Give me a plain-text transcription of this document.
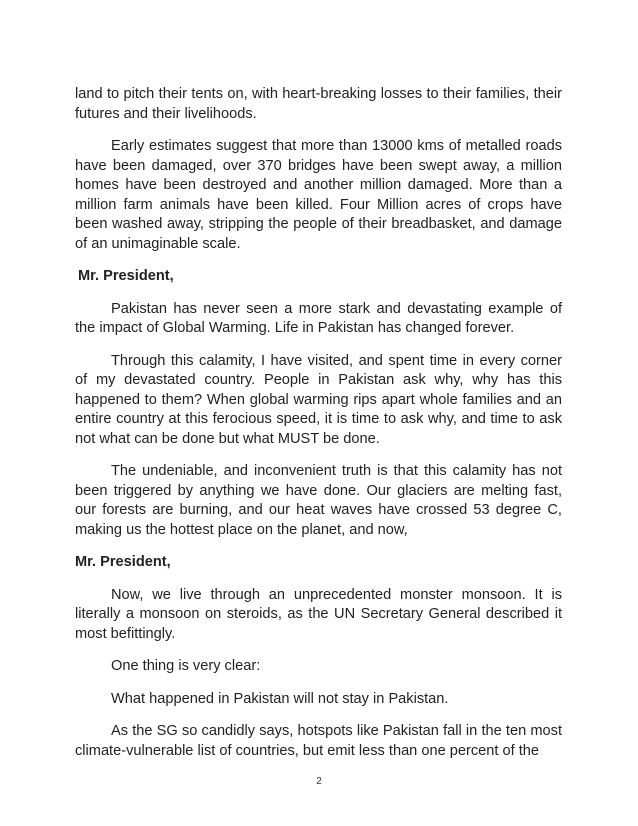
land to pitch their tents on, with heart-breaking losses to their families, their futures and their livelihoods.

Early estimates suggest that more than 13000 kms of metalled roads have been damaged, over 370 bridges have been swept away, a million homes have been destroyed and another million damaged. More than a million farm animals have been killed. Four Million acres of crops have been washed away, stripping the people of their breadbasket, and damage of an unimaginable scale.

Mr. President,

Pakistan has never seen a more stark and devastating example of the impact of Global Warming. Life in Pakistan has changed forever.

Through this calamity, I have visited, and spent time in every corner of my devastated country. People in Pakistan ask why, why has this happened to them? When global warming rips apart whole families and an entire country at this ferocious speed, it is time to ask why, and time to ask not what can be done but what MUST be done.

The undeniable, and inconvenient truth is that this calamity has not been triggered by anything we have done. Our glaciers are melting fast, our forests are burning, and our heat waves have crossed 53 degree C, making us the hottest place on the planet, and now,

Mr. President,

Now, we live through an unprecedented monster monsoon. It is literally a monsoon on steroids, as the UN Secretary General described it most befittingly.

One thing is very clear:

What happened in Pakistan will not stay in Pakistan.

As the SG so candidly says, hotspots like Pakistan fall in the ten most climate-vulnerable list of countries, but emit less than one percent of the

2
